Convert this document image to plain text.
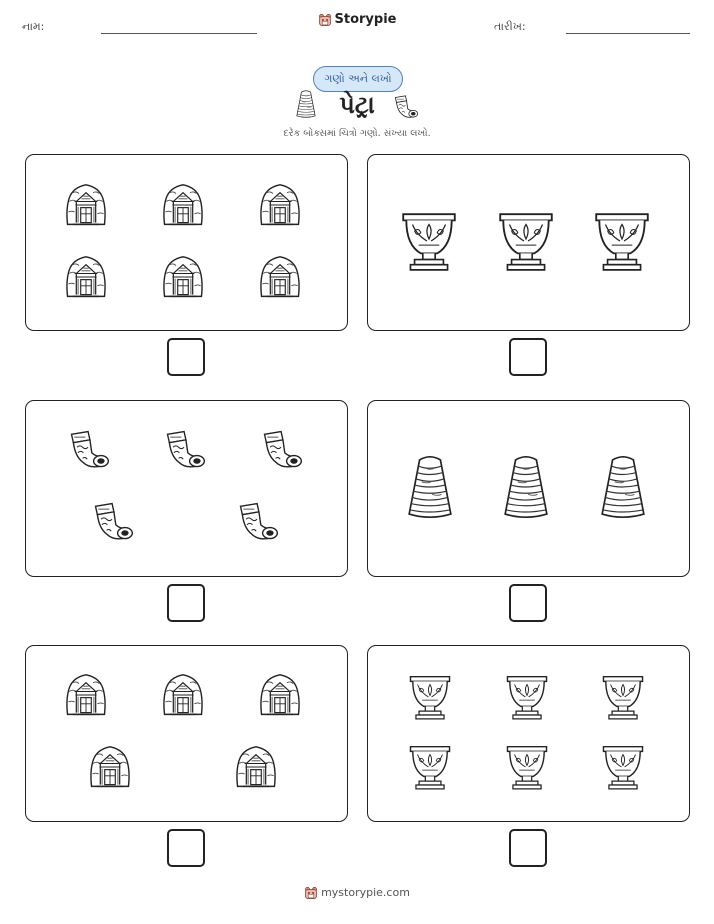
નામ:	Storypie	તારીખ:
ગણો અને લખો
પેટ્રા
દરેક બોક્સમાં ચિત્રો ગણો. સંખ્યા લખો.
mystorypie.com
